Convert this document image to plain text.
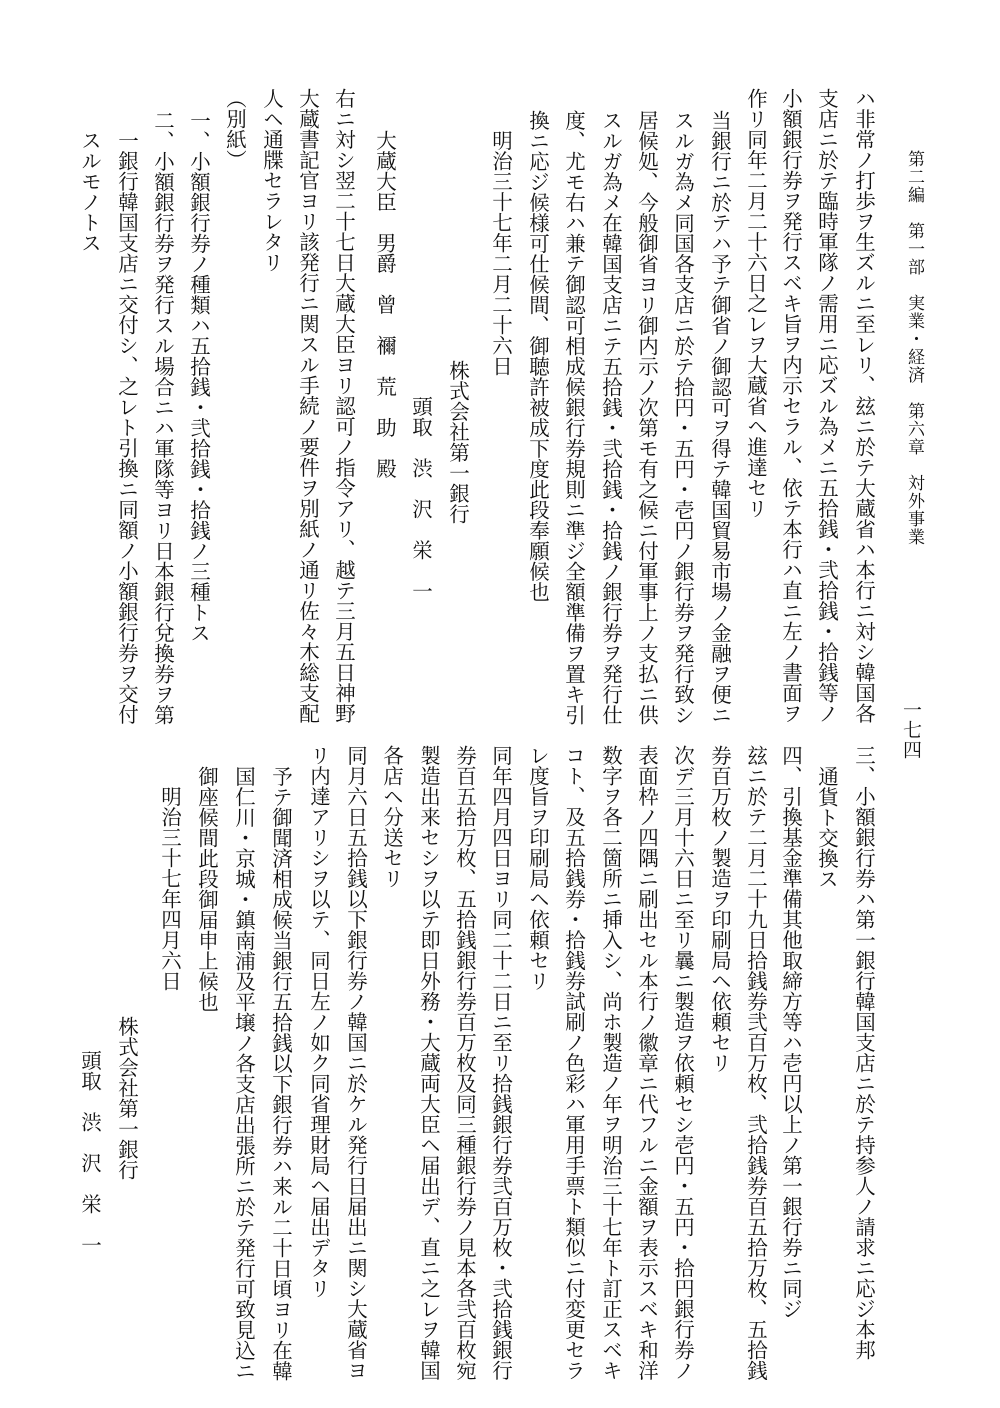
第二編　第一部　実業・経済　第六章　対外事業
一七四
ハ非常ノ打歩ヲ生ズルニ至レリ、玆ニ於テ大蔵省ハ本行ニ対シ韓国各
支店ニ於テ臨時軍隊ノ需用ニ応ズル為メニ五拾銭・弐拾銭・拾銭等ノ
小額銀行券ヲ発行スベキ旨ヲ内示セラル、依テ本行ハ直ニ左ノ書面ヲ
作リ同年二月二十六日之レヲ大蔵省ヘ進達セリ
当銀行ニ於テハ予テ御省ノ御認可ヲ得テ韓国貿易市場ノ金融ヲ便ニ
スルガ為メ同国各支店ニ於テ拾円・五円・壱円ノ銀行券ヲ発行致シ
居候処、今般御省ヨリ御内示ノ次第モ有之候ニ付軍事上ノ支払ニ供
スルガ為メ在韓国支店ニテ五拾銭・弐拾銭・拾銭ノ銀行券ヲ発行仕
度、尤モ右ハ兼テ御認可相成候銀行券規則ニ準ジ全額準備ヲ置キ引
換ニ応ジ候様可仕候間、御聴許被成下度此段奉願候也
明治三十七年二月二十六日
株式会社第一銀行
頭取　渋　沢　栄　一
大蔵大臣　男爵　曾　禰　荒　助　殿
右ニ対シ翌二十七日大蔵大臣ヨリ認可ノ指令アリ、越テ三月五日神野
大蔵書記官ヨリ該発行ニ関スル手続ノ要件ヲ別紙ノ通リ佐々木総支配
人ヘ通牒セラレタリ
（別紙）
一、小額銀行券ノ種類ハ五拾銭・弐拾銭・拾銭ノ三種トス
二、小額銀行券ヲ発行スル場合ニハ軍隊等ヨリ日本銀行兌換券ヲ第
一銀行韓国支店ニ交付シ、之レト引換ニ同額ノ小額銀行券ヲ交付
スルモノトス
三、小額銀行券ハ第一銀行韓国支店ニ於テ持参人ノ請求ニ応ジ本邦
通貨ト交換ス
四、引換基金準備其他取締方等ハ壱円以上ノ第一銀行券ニ同ジ
玆ニ於テ二月二十九日拾銭券弐百万枚、弐拾銭券百五拾万枚、五拾銭
券百万枚ノ製造ヲ印刷局ヘ依頼セリ
次デ三月十六日ニ至リ曩ニ製造ヲ依頼セシ壱円・五円・拾円銀行券ノ
表面枠ノ四隅ニ刷出セル本行ノ徽章ニ代フルニ金額ヲ表示スベキ和洋
数字ヲ各二箇所ニ挿入シ、尚ホ製造ノ年ヲ明治三十七年ト訂正スベキ
コト、及五拾銭券・拾銭券試刷ノ色彩ハ軍用手票ト類似ニ付変更セラ
レ度旨ヲ印刷局ヘ依頼セリ
同年四月四日ヨリ同二十二日ニ至リ拾銭銀行券弐百万枚・弐拾銭銀行
券百五拾万枚、五拾銭銀行券百万枚及同三種銀行券ノ見本各弐百枚宛
製造出来セシヲ以テ即日外務・大蔵両大臣ヘ届出デ、直ニ之レヲ韓国
各店ヘ分送セリ
同月六日五拾銭以下銀行券ノ韓国ニ於ケル発行日届出ニ関シ大蔵省ヨ
リ内達アリシヲ以テ、同日左ノ如ク同省理財局ヘ届出デタリ
予テ御聞済相成候当銀行五拾銭以下銀行券ハ来ル二十日頃ヨリ在韓
国仁川・京城・鎮南浦及平壌ノ各支店出張所ニ於テ発行可致見込ニ
御座候間此段御届申上候也
明治三十七年四月六日
株式会社第一銀行
頭取　渋　沢　栄　一
